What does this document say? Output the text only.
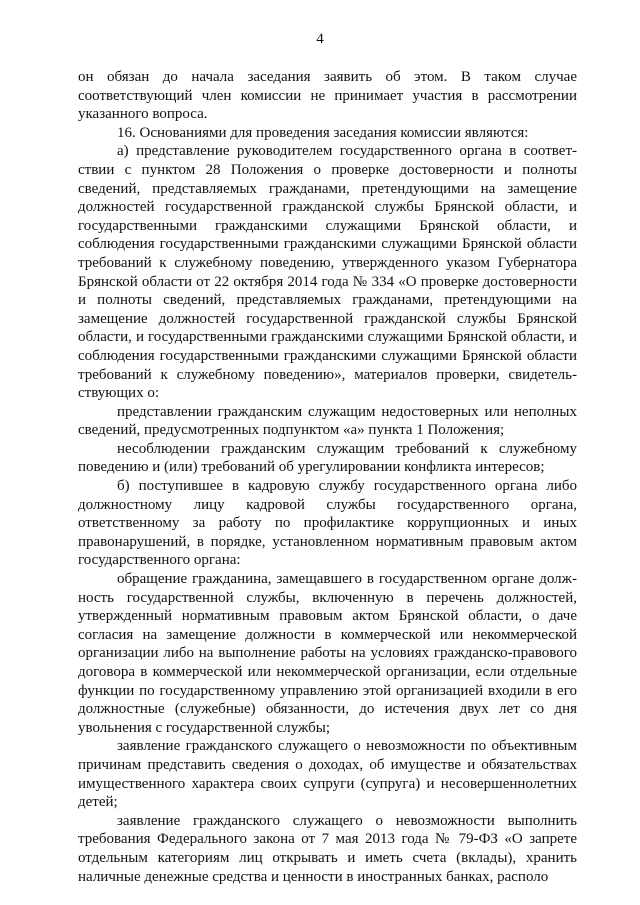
4

он обязан до начала заседания заявить об этом. В таком случае соответствующий член комиссии не принимает участия в рассмотрении указанного вопроса.

16. Основаниями для проведения заседания комиссии являются:

а) представление руководителем государственного органа в соответствии с пунктом 28 Положения о проверке достоверности и полноты сведений, представляемых гражданами, претендующими на замещение должностей государственной гражданской службы Брянской области, и государственными гражданскими служащими Брянской области, и соблюдения государственными гражданскими служащими Брянской области требований к служебному поведению, утвержденного указом Губернатора Брянской области от 22 октября 2014 года № 334 «О проверке достоверности и полноты сведений, представляемых гражданами, претендующими на замещение должностей государственной гражданской службы Брянской области, и государственными гражданскими служащими Брянской области, и соблюдения государственными гражданскими служащими Брянской области требований к служебному поведению», материалов проверки, свидетельствующих о:

представлении гражданским служащим недостоверных или неполных сведений, предусмотренных подпунктом «а» пункта 1 Положения;

несоблюдении гражданским служащим требований к служебному поведению и (или) требований об урегулировании конфликта интересов;

б) поступившее в кадровую службу государственного органа либо должностному лицу кадровой службы государственного органа, ответственному за работу по профилактике коррупционных и иных правонарушений, в порядке, установленном нормативным правовым актом государственного органа:

обращение гражданина, замещавшего в государственном органе должность государственной службы, включенную в перечень должностей, утвержденный нормативным правовым актом Брянской области, о даче согласия на замещение должности в коммерческой или некоммерческой организации либо на выполнение работы на условиях гражданско-правового договора в коммерческой или некоммерческой организации, если отдельные функции по государственному управлению этой организацией входили в его должностные (служебные) обязанности, до истечения двух лет со дня увольнения с государственной службы;

заявление гражданского служащего о невозможности по объективным причинам представить сведения о доходах, об имуществе и обязательствах имущественного характера своих супруги (супруга) и несовершеннолетних детей;

заявление гражданского служащего о невозможности выполнить требования Федерального закона от 7 мая 2013 года № 79-ФЗ «О запрете отдельным категориям лиц открывать и иметь счета (вклады), хранить наличные денежные средства и ценности в иностранных банках, располо
